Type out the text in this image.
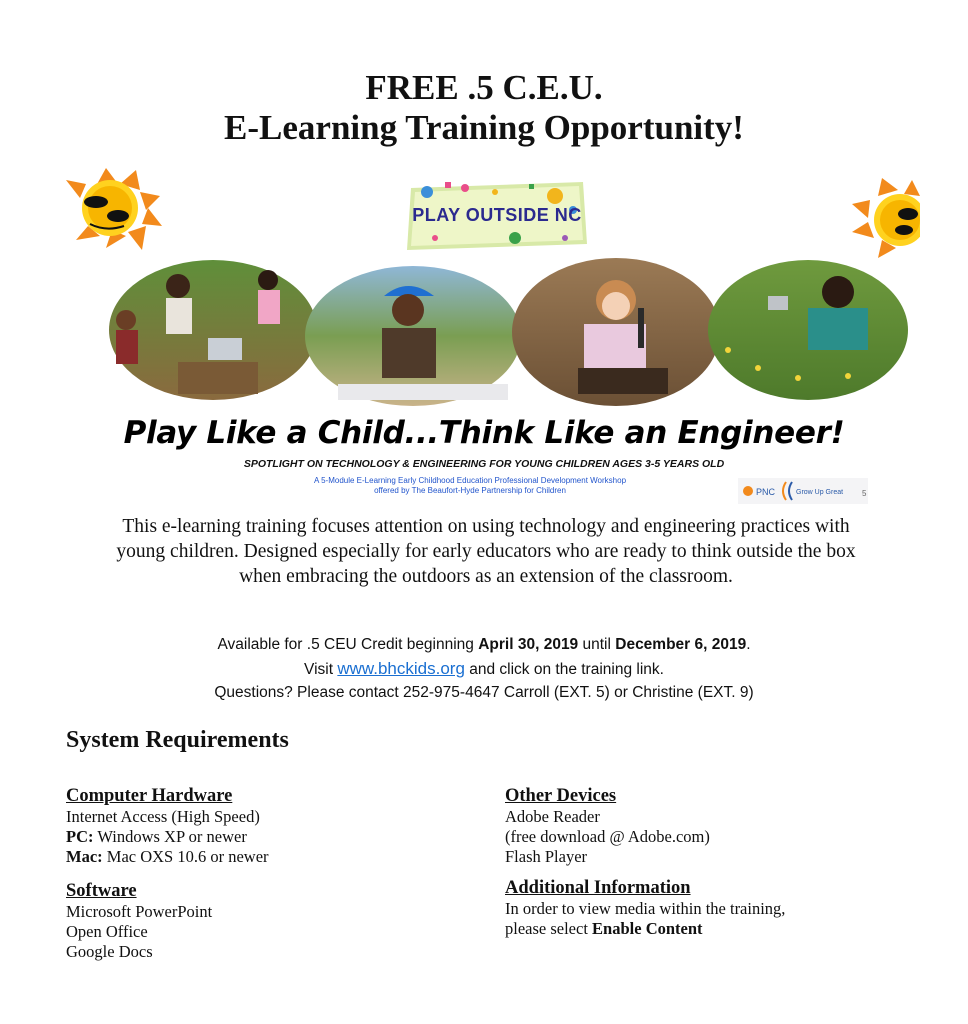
FREE .5 C.E.U.
E-Learning Training Opportunity!
PLAY OUTSIDE NC
Play Like a Child...Think Like an Engineer!
SPOTLIGHT ON TECHNOLOGY & ENGINEERING FOR YOUNG CHILDREN AGES 3-5 YEARS OLD
A 5-Module E-Learning Early Childhood Education Professional Development Workshop
offered by The Beaufort-Hyde Partnership for Children	PNC	Grow Up Great 5
This e-learning training focuses attention on using technology and engineering practices with young children. Designed especially for early educators who are ready to think outside the box when embracing the outdoors as an extension of the classroom.
Available for .5 CEU Credit beginning April 30, 2019 until December 6, 2019.
Visit www.bhckids.org and click on the training link.
Questions? Please contact 252-975-4647 Carroll (EXT. 5) or Christine (EXT. 9)
System Requirements
Computer Hardware

Internet Access (High Speed)

PC: Windows XP or newer

Mac: Mac OXS 10.6 or newer

Software

Microsoft PowerPoint

Open Office

Google Docs

Other Devices

Adobe Reader

(free download @ Adobe.com)

Flash Player

Additional Information

In order to view media within the training,

please select Enable Content
